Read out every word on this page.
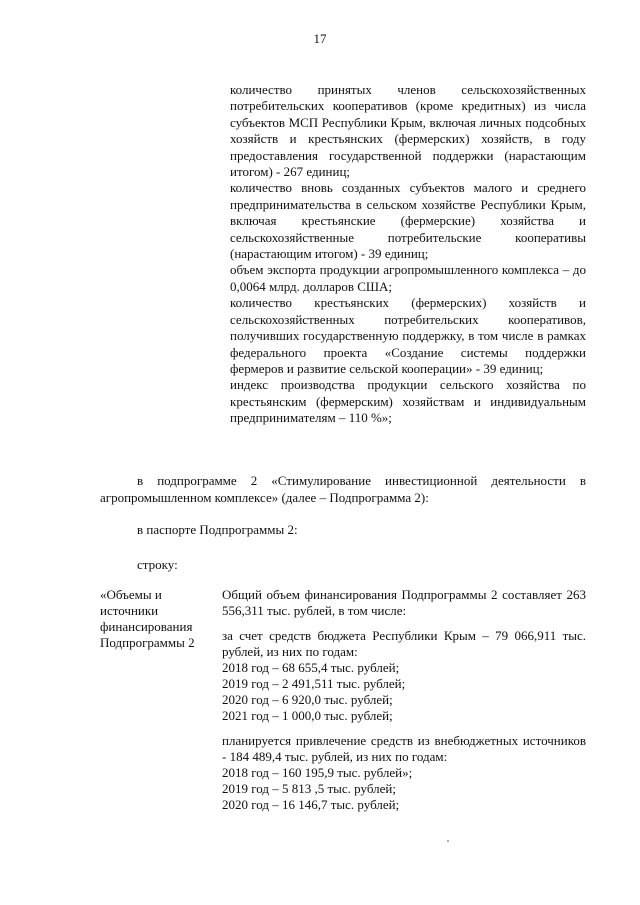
17

количество принятых членов сельскохозяйственных потребительских кооперативов (кроме кредитных) из числа субъектов МСП Республики Крым, включая личных подсобных хозяйств и крестьянских (фермерских) хозяйств, в году предоставления государственной поддержки (нарастающим итогом) - 267 единиц;

количество вновь созданных субъектов малого и среднего предпринимательства в сельском хозяйстве Республики Крым, включая крестьянские (фермерские) хозяйства и сельскохозяйственные потребительские кооперативы (нарастающим итогом) - 39 единиц;

объем экспорта продукции агропромышленного комплекса – до 0,0064 млрд. долларов США;

количество крестьянских (фермерских) хозяйств и сельскохозяйственных потребительских кооперативов, получивших государственную поддержку, в том числе в рамках федерального проекта «Создание системы поддержки фермеров и развитие сельской кооперации» - 39 единиц;

индекс производства продукции сельского хозяйства по крестьянским (фермерским) хозяйствам и индивидуальным предпринимателям – 110 %»;

в подпрограмме 2 «Стимулирование инвестиционной деятельности в агропромышленном комплексе» (далее – Подпрограмма 2):

в паспорте Подпрограммы 2:

строку:

«Объемы и источники финансирования Подпрограммы 2

Общий объем финансирования Подпрограммы 2 составляет 263 556,311 тыс. рублей, в том числе:

за счет средств бюджета Республики Крым – 79 066,911 тыс. рублей, из них по годам:

2018 год – 68 655,4 тыс. рублей;

2019 год – 2 491,511 тыс. рублей;

2020 год – 6 920,0 тыс. рублей;

2021 год – 1 000,0 тыс. рублей;

планируется привлечение средств из внебюджетных источников - 184 489,4 тыс. рублей, из них по годам:

2018 год – 160 195,9 тыс. рублей»;

2019 год – 5 813 ,5 тыс. рублей;

2020 год – 16 146,7 тыс. рублей;
